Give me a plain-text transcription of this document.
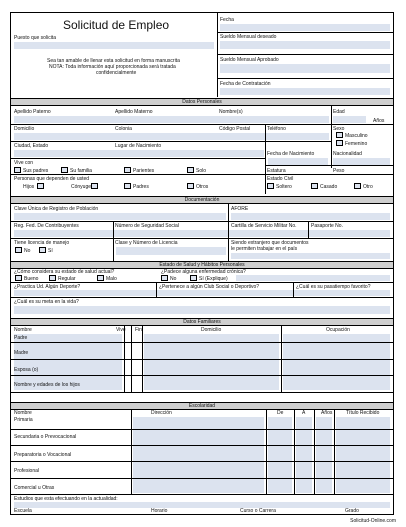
Solicitud de Empleo
Puesto que solicita
Sea tan amable de llenar esta solicitud en forma manuscrita
NOTA: Toda información aquí proporcionada será tratada
confidencialmente
Fecha
Sueldo Mensual deseado
Sueldo Mensual Aprobado
Fecha de Contratación
Datos Personales
Apellido Paterno	Apellido Materno	Nombre(s)	Edad
Años
Domicilio	Colonia	Código Postal	Teléfono	Sexo
Masculino
Femenino
Ciudad, Estado	Lugar de Nacimiento
Fecha de Nacimiento	Nacionalidad
Vive con
Sus padres	Su familia	Parientes	Solo	Estatura	Peso
Personas que dependen de usted	Estado Civil
Hijos	Cónyuge	Padres	Otros	Soltero	Casado	Otro
Documentación
Clave Única de Registro de Población	AFORE
Reg. Fed. De Contribuyentes	Número de Seguridad Social	Cartilla de Servicio Militar No.	Pasaporte No.
Tiene licencia de manejo	Clase y Número de Licencia	Siendo extranjero que documentos
le permiten trabajar en el país
No	Sí
Estado de Salud y Hábitos Personales
¿Cómo considera su estado de salud actual?	¿Padece alguna enfermedad crónica?
Bueno	Regular	Malo	No	Sí (Explique)
¿Practica Ud. Algún Deporte?	¿Pertenece a algún Club Social o Deportivo?	¿Cuál es su pasatiempo favorito?
¿Cuál es su meta en la vida?
Datos Familiares
Nombre	Vive Fin	Domicilio	Ocupación
Padre
Madre
Esposa (o)
Nombre y edades de los hijos
Escolaridad
Nombre	Dirección	De	A	Años	Título Recibido
Primaria
Secundaria o Prevocacional
Preparatoria o Vocacional
Profesional
Comercial u Otras
Estudios que esta efectuando en la actualidad:
Escuela	Horario	Curso o Carrera	Grado
Solicitud-Online.com
